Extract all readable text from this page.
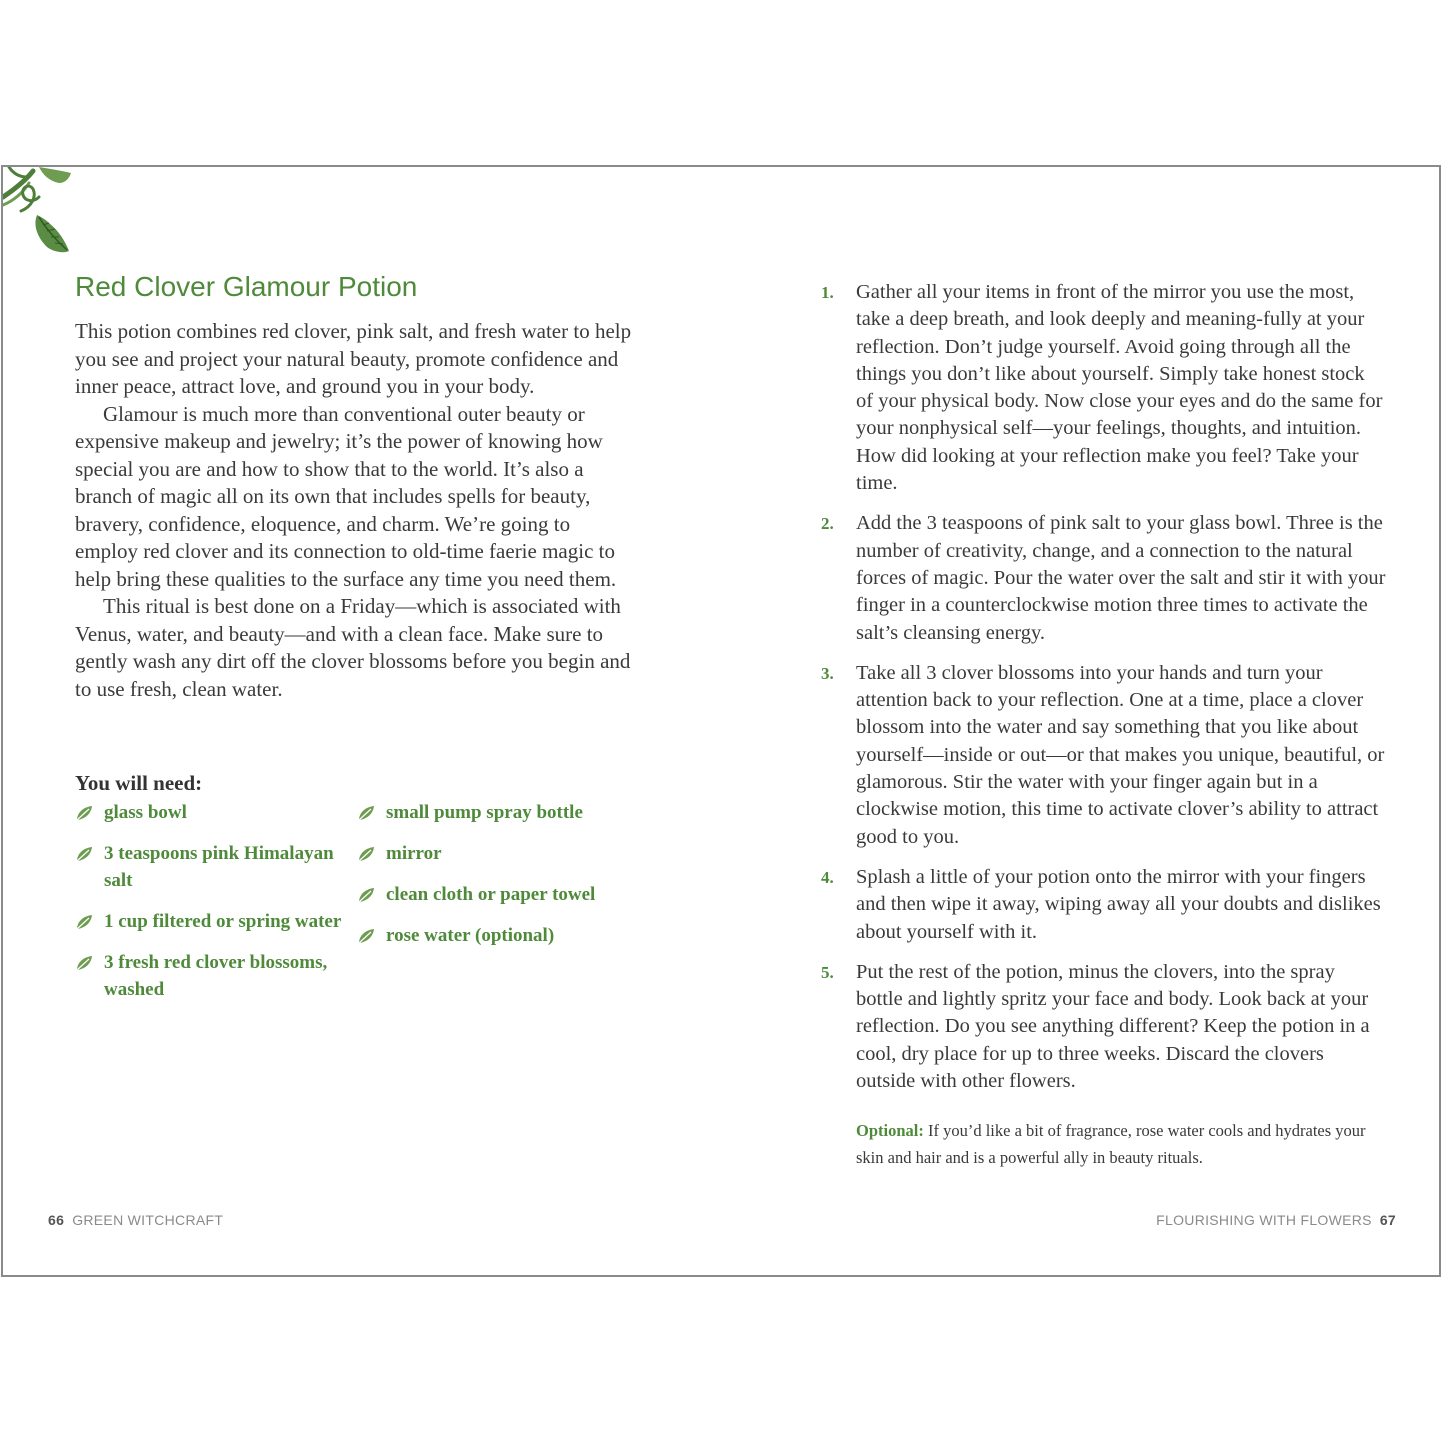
Red Clover Glamour Potion

This potion combines red clover, pink salt, and fresh water to help you see and project your natural beauty, promote confidence and inner peace, attract love, and ground you in your body.

Glamour is much more than conventional outer beauty or expensive makeup and jewelry; it’s the power of knowing how special you are and how to show that to the world. It’s also a branch of magic all on its own that includes spells for beauty, bravery, confidence, eloquence, and charm. We’re going to employ red clover and its connection to old-time faerie magic to help bring these qualities to the surface any time you need them.

This ritual is best done on a Friday—which is associated with Venus, water, and beauty—and with a clean face. Make sure to gently wash any dirt off the clover blossoms before you begin and to use fresh, clean water.

You will need:
glass bowl
3 teaspoons pink Himalayan salt
1 cup filtered or spring water
3 fresh red clover blossoms, washed
small pump spray bottle
mirror
clean cloth or paper towel
rose water (optional)
1. Gather all your items in front of the mirror you use the most, take a deep breath, and look deeply and meaning-fully at your reflection. Don’t judge yourself. Avoid going through all the things you don’t like about yourself. Simply take honest stock of your physical body. Now close your eyes and do the same for your nonphysical self—your feelings, thoughts, and intuition. How did looking at your reflection make you feel? Take your time.
2. Add the 3 teaspoons of pink salt to your glass bowl. Three is the number of creativity, change, and a connection to the natural forces of magic. Pour the water over the salt and stir it with your finger in a counterclockwise motion three times to activate the salt’s cleansing energy.
3. Take all 3 clover blossoms into your hands and turn your attention back to your reflection. One at a time, place a clover blossom into the water and say something that you like about yourself—inside or out—or that makes you unique, beautiful, or glamorous. Stir the water with your finger again but in a clockwise motion, this time to activate clover’s ability to attract good to you.
4. Splash a little of your potion onto the mirror with your fingers and then wipe it away, wiping away all your doubts and dislikes about yourself with it.
5. Put the rest of the potion, minus the clovers, into the spray bottle and lightly spritz your face and body. Look back at your reflection. Do you see anything different? Keep the potion in a cool, dry place for up to three weeks. Discard the clovers outside with other flowers.

Optional: If you’d like a bit of fragrance, rose water cools and hydrates your skin and hair and is a powerful ally in beauty rituals.

66 GREEN WITCHCRAFT	FLOURISHING WITH FLOWERS 67
